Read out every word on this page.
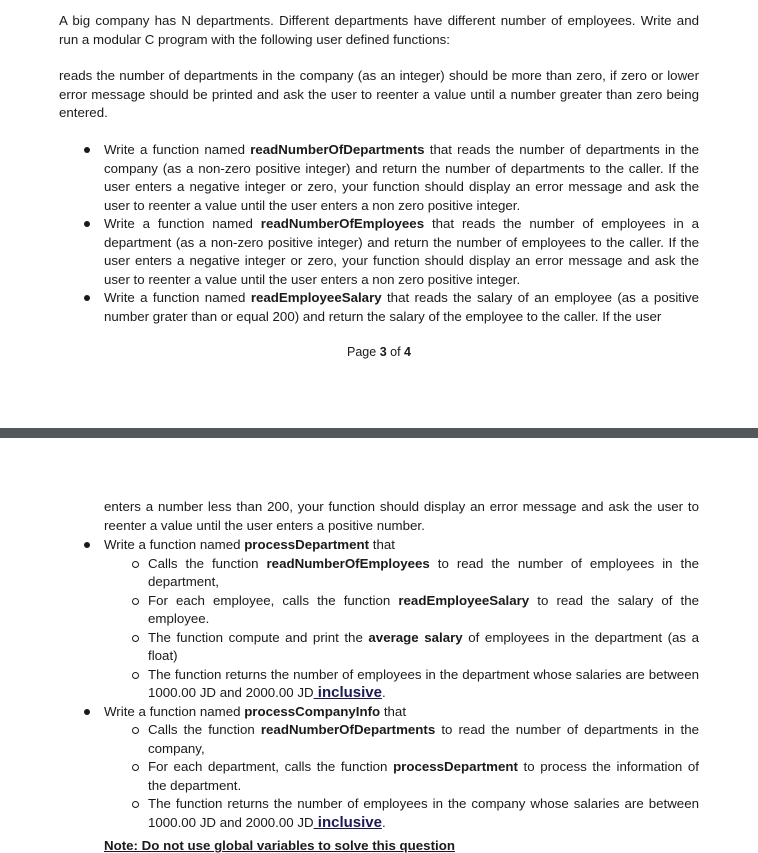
A big company has N departments. Different departments have different number of employees. Write and run a modular C program with the following user defined functions:
reads the number of departments in the company (as an integer) should be more than zero, if zero or lower error message should be printed and ask the user to reenter a value until a number greater than zero being entered.
Write a function named readNumberOfDepartments that reads the number of departments in the company (as a non-zero positive integer) and return the number of departments to the caller. If the user enters a negative integer or zero, your function should display an error message and ask the user to reenter a value until the user enters a non zero positive integer.
Write a function named readNumberOfEmployees that reads the number of employees in a department (as a non-zero positive integer) and return the number of employees to the caller. If the user enters a negative integer or zero, your function should display an error message and ask the user to reenter a value until the user enters a non zero positive integer.
Write a function named readEmployeeSalary that reads the salary of an employee (as a positive number grater than or equal 200) and return the salary of the employee to the caller. If the user
Page 3 of 4
enters a number less than 200, your function should display an error message and ask the user to reenter a value until the user enters a positive number.
Write a function named processDepartment that
Calls the function readNumberOfEmployees to read the number of employees in the department,
For each employee, calls the function readEmployeeSalary to read the salary of the employee.
The function compute and print the average salary of employees in the department (as a float)
The function returns the number of employees in the department whose salaries are between 1000.00 JD and 2000.00 JD inclusive.
Write a function named processCompanyInfo that
Calls the function readNumberOfDepartments to read the number of departments in the company,
For each department, calls the function processDepartment to process the information of the department.
The function returns the number of employees in the company whose salaries are between 1000.00 JD and 2000.00 JD inclusive.
Note: Do not use global variables to solve this question
